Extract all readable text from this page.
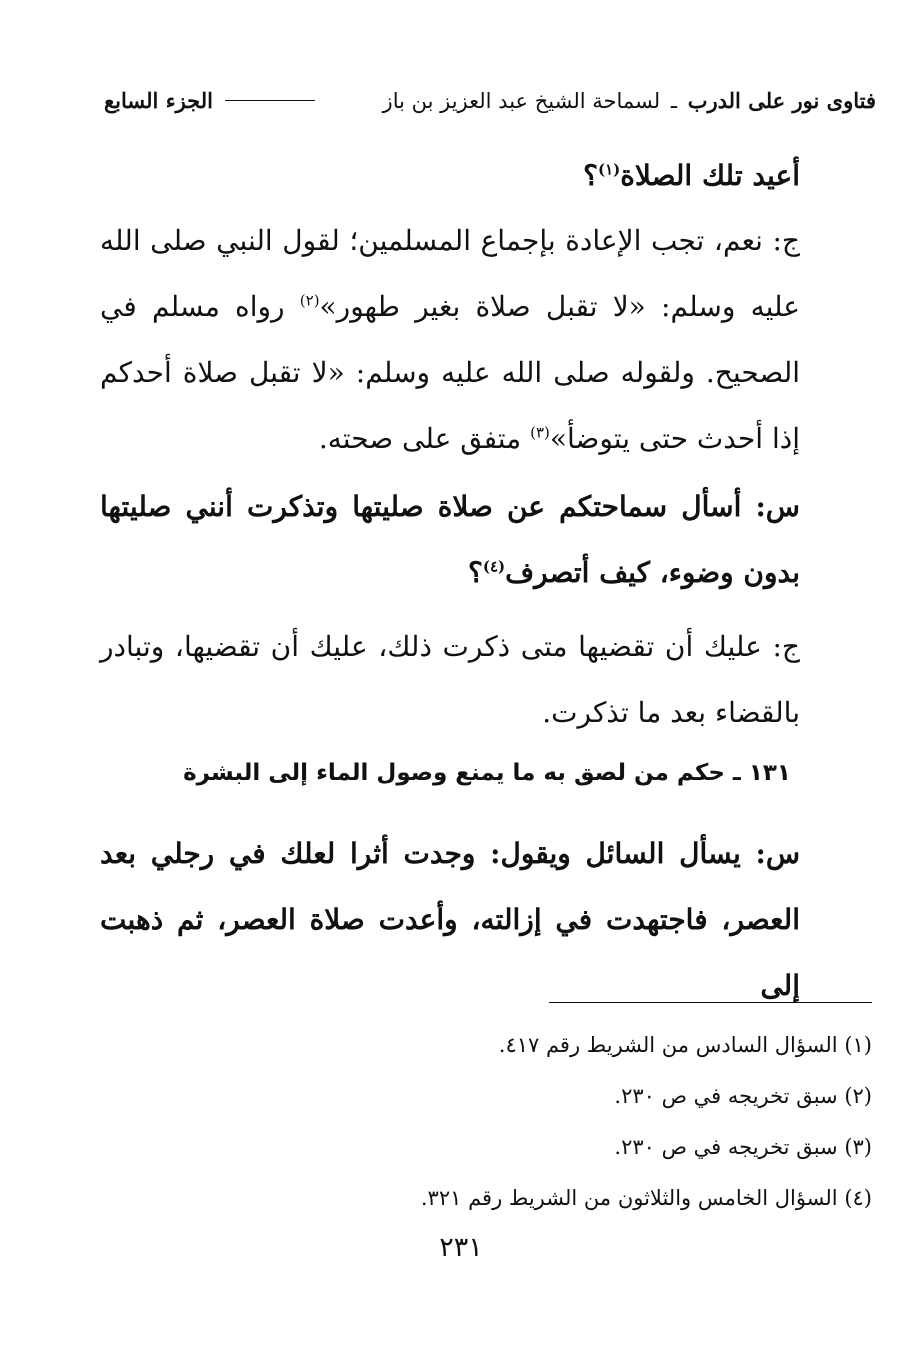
فتاوى نور على الدرب ـ لسماحة الشيخ عبد العزيز بن باز
الجزء السابع

أعيد تلك الصلاة$^{(١)}$؟

ج: نعم، تجب الإعادة بإجماع المسلمين؛ لقول النبي صلى الله عليه وسلم: «لا تقبل صلاة بغير طهور»$^{(٢)}$ رواه مسلم في الصحيح. ولقوله صلى الله عليه وسلم: «لا تقبل صلاة أحدكم إذا أحدث حتى يتوضأ»$^{(٣)}$ متفق على صحته.

س: أسأل سماحتكم عن صلاة صليتها وتذكرت أنني صليتها بدون وضوء، كيف أتصرف$^{(٤)}$؟

ج: عليك أن تقضيها متى ذكرت ذلك، عليك أن تقضيها، وتبادر بالقضاء بعد ما تذكرت.

١٣١ ـ حكم من لصق به ما يمنع وصول الماء إلى البشرة

س: يسأل السائل ويقول: وجدت أثرا لعلك في رجلي بعد العصر، فاجتهدت في إزالته، وأعدت صلاة العصر، ثم ذهبت إلى

(١) السؤال السادس من الشريط رقم ٤١٧.

(٢) سبق تخريجه في ص ٢٣٠.

(٣) سبق تخريجه في ص ٢٣٠.

(٤) السؤال الخامس والثلاثون من الشريط رقم ٣٢١.

٢٣١
